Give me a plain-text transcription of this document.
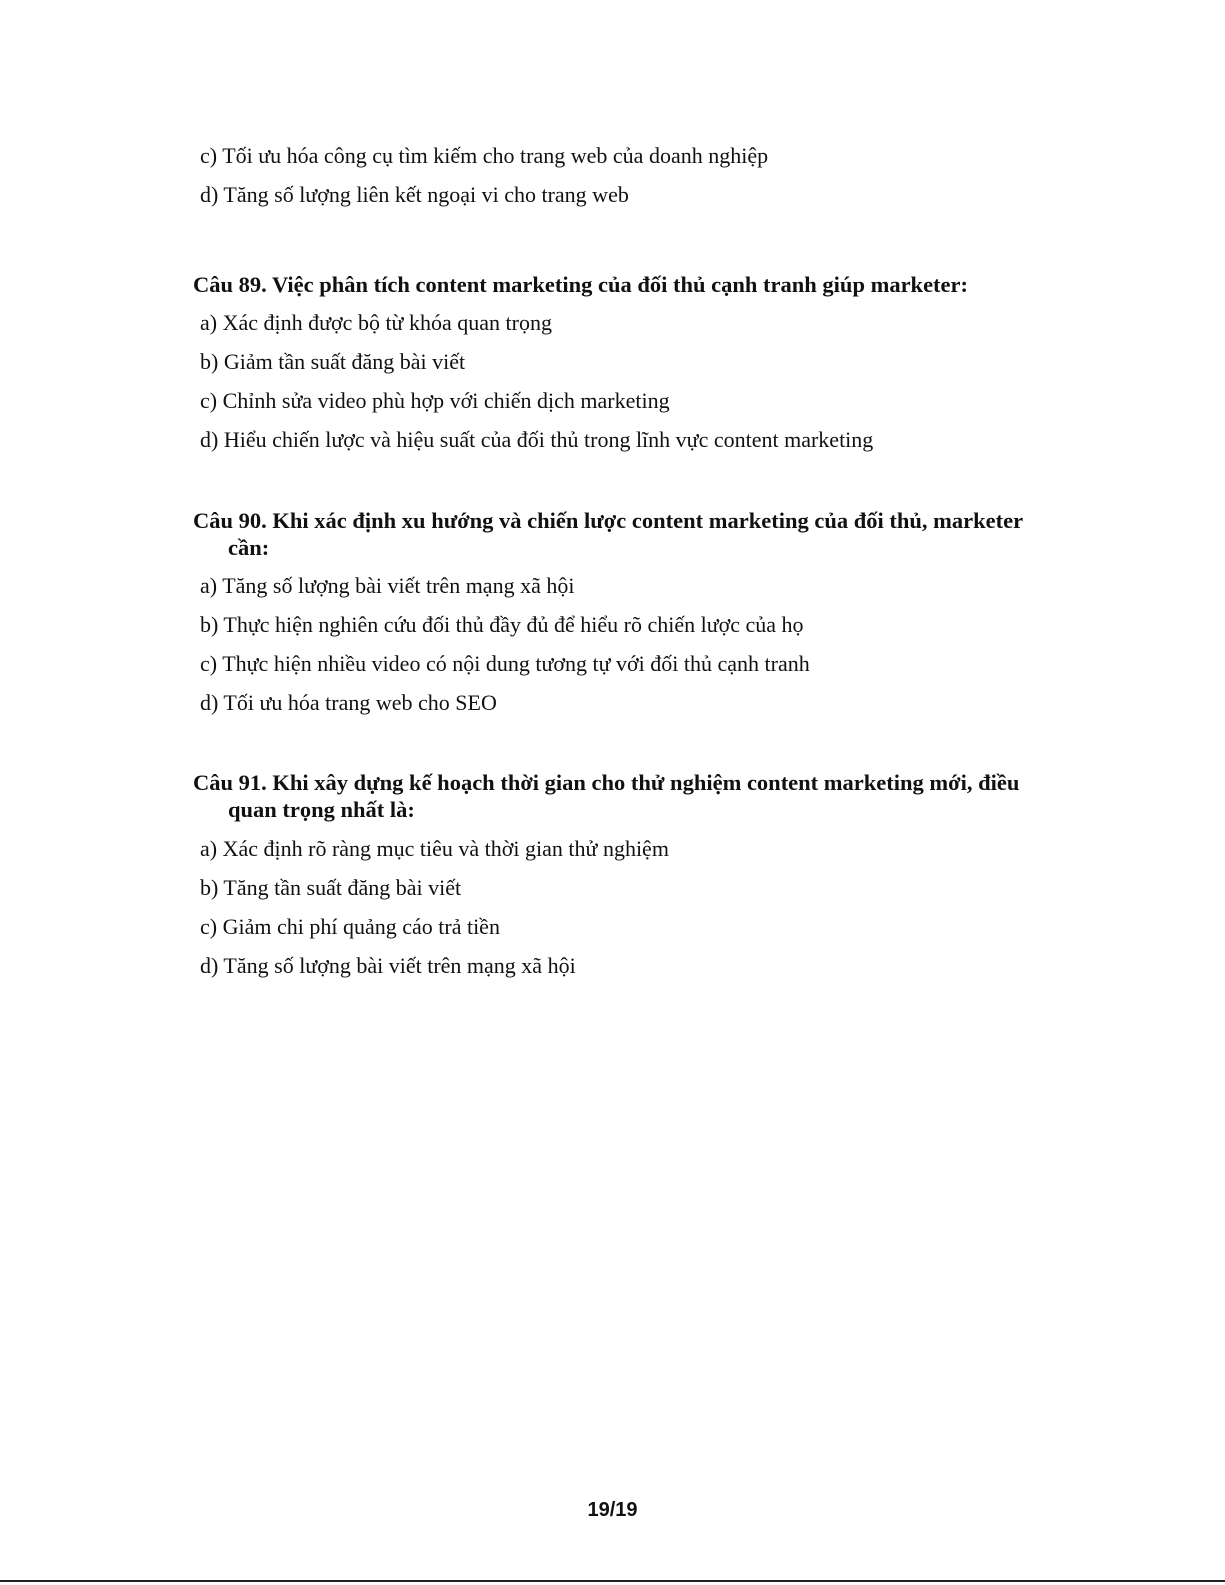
c) Tối ưu hóa công cụ tìm kiếm cho trang web của doanh nghiệp
d) Tăng số lượng liên kết ngoại vi cho trang web
Câu 89. Việc phân tích content marketing của đối thủ cạnh tranh giúp marketer:
a) Xác định được bộ từ khóa quan trọng
b) Giảm tần suất đăng bài viết
c) Chỉnh sửa video phù hợp với chiến dịch marketing
d) Hiểu chiến lược và hiệu suất của đối thủ trong lĩnh vực content marketing
Câu 90. Khi xác định xu hướng và chiến lược content marketing của đối thủ, marketer
cần:
a) Tăng số lượng bài viết trên mạng xã hội
b) Thực hiện nghiên cứu đối thủ đầy đủ để hiểu rõ chiến lược của họ
c) Thực hiện nhiều video có nội dung tương tự với đối thủ cạnh tranh
d) Tối ưu hóa trang web cho SEO
Câu 91. Khi xây dựng kế hoạch thời gian cho thử nghiệm content marketing mới, điều
quan trọng nhất là:
a) Xác định rõ ràng mục tiêu và thời gian thử nghiệm
b) Tăng tần suất đăng bài viết
c) Giảm chi phí quảng cáo trả tiền
d) Tăng số lượng bài viết trên mạng xã hội
19/19
